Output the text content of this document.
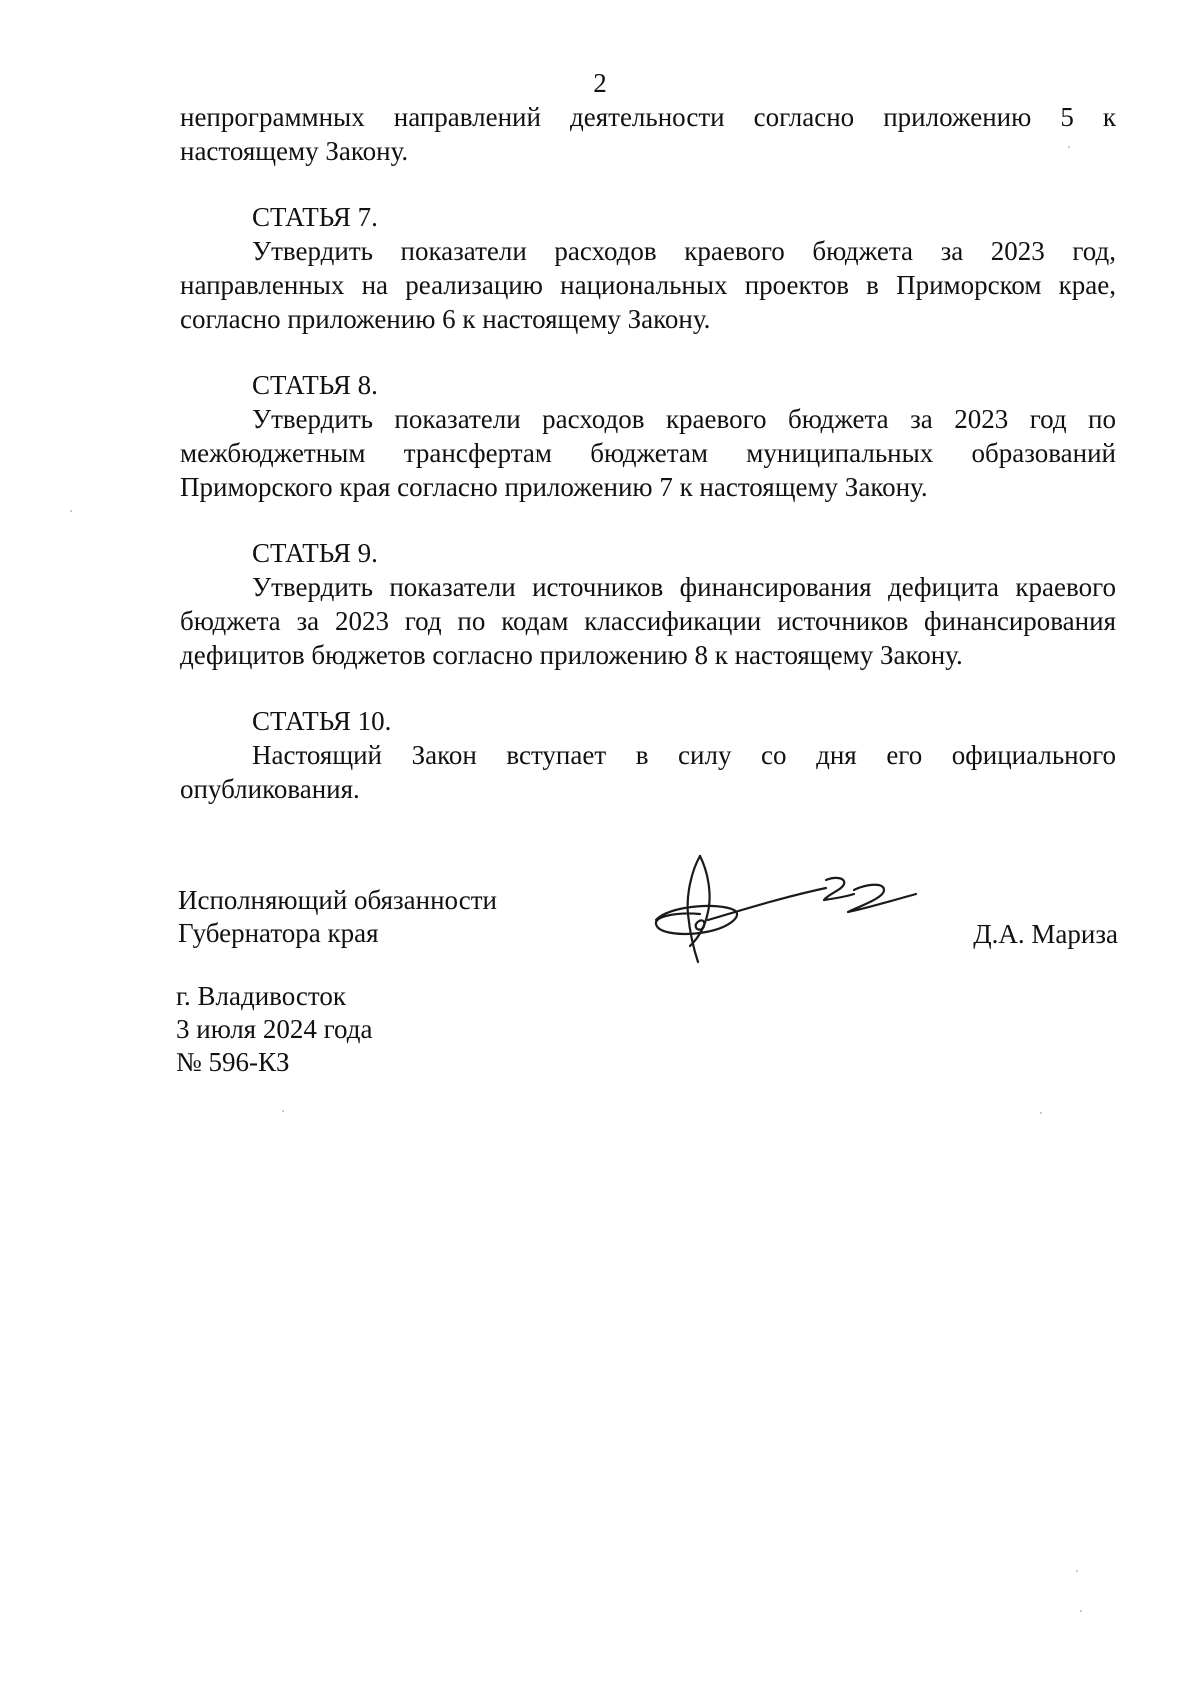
2

непрограммных направлений деятельности согласно приложению 5 к настоящему Закону.

СТАТЬЯ 7.

Утвердить показатели расходов краевого бюджета за 2023 год, направленных на реализацию национальных проектов в Приморском крае, согласно приложению 6 к настоящему Закону.

СТАТЬЯ 8.

Утвердить показатели расходов краевого бюджета за 2023 год по межбюджетным трансфертам бюджетам муниципальных образований Приморского края согласно приложению 7 к настоящему Закону.

СТАТЬЯ 9.

Утвердить показатели источников финансирования дефицита краевого бюджета за 2023 год по кодам классификации источников финансирования дефицитов бюджетов согласно приложению 8 к настоящему Закону.

СТАТЬЯ 10.

Настоящий Закон вступает в силу со дня его официального опубликования.

Исполняющий обязанности
Губернатора края	Д.А. Мариза
г. Владивосток
3 июля 2024 года
№ 596-КЗ
